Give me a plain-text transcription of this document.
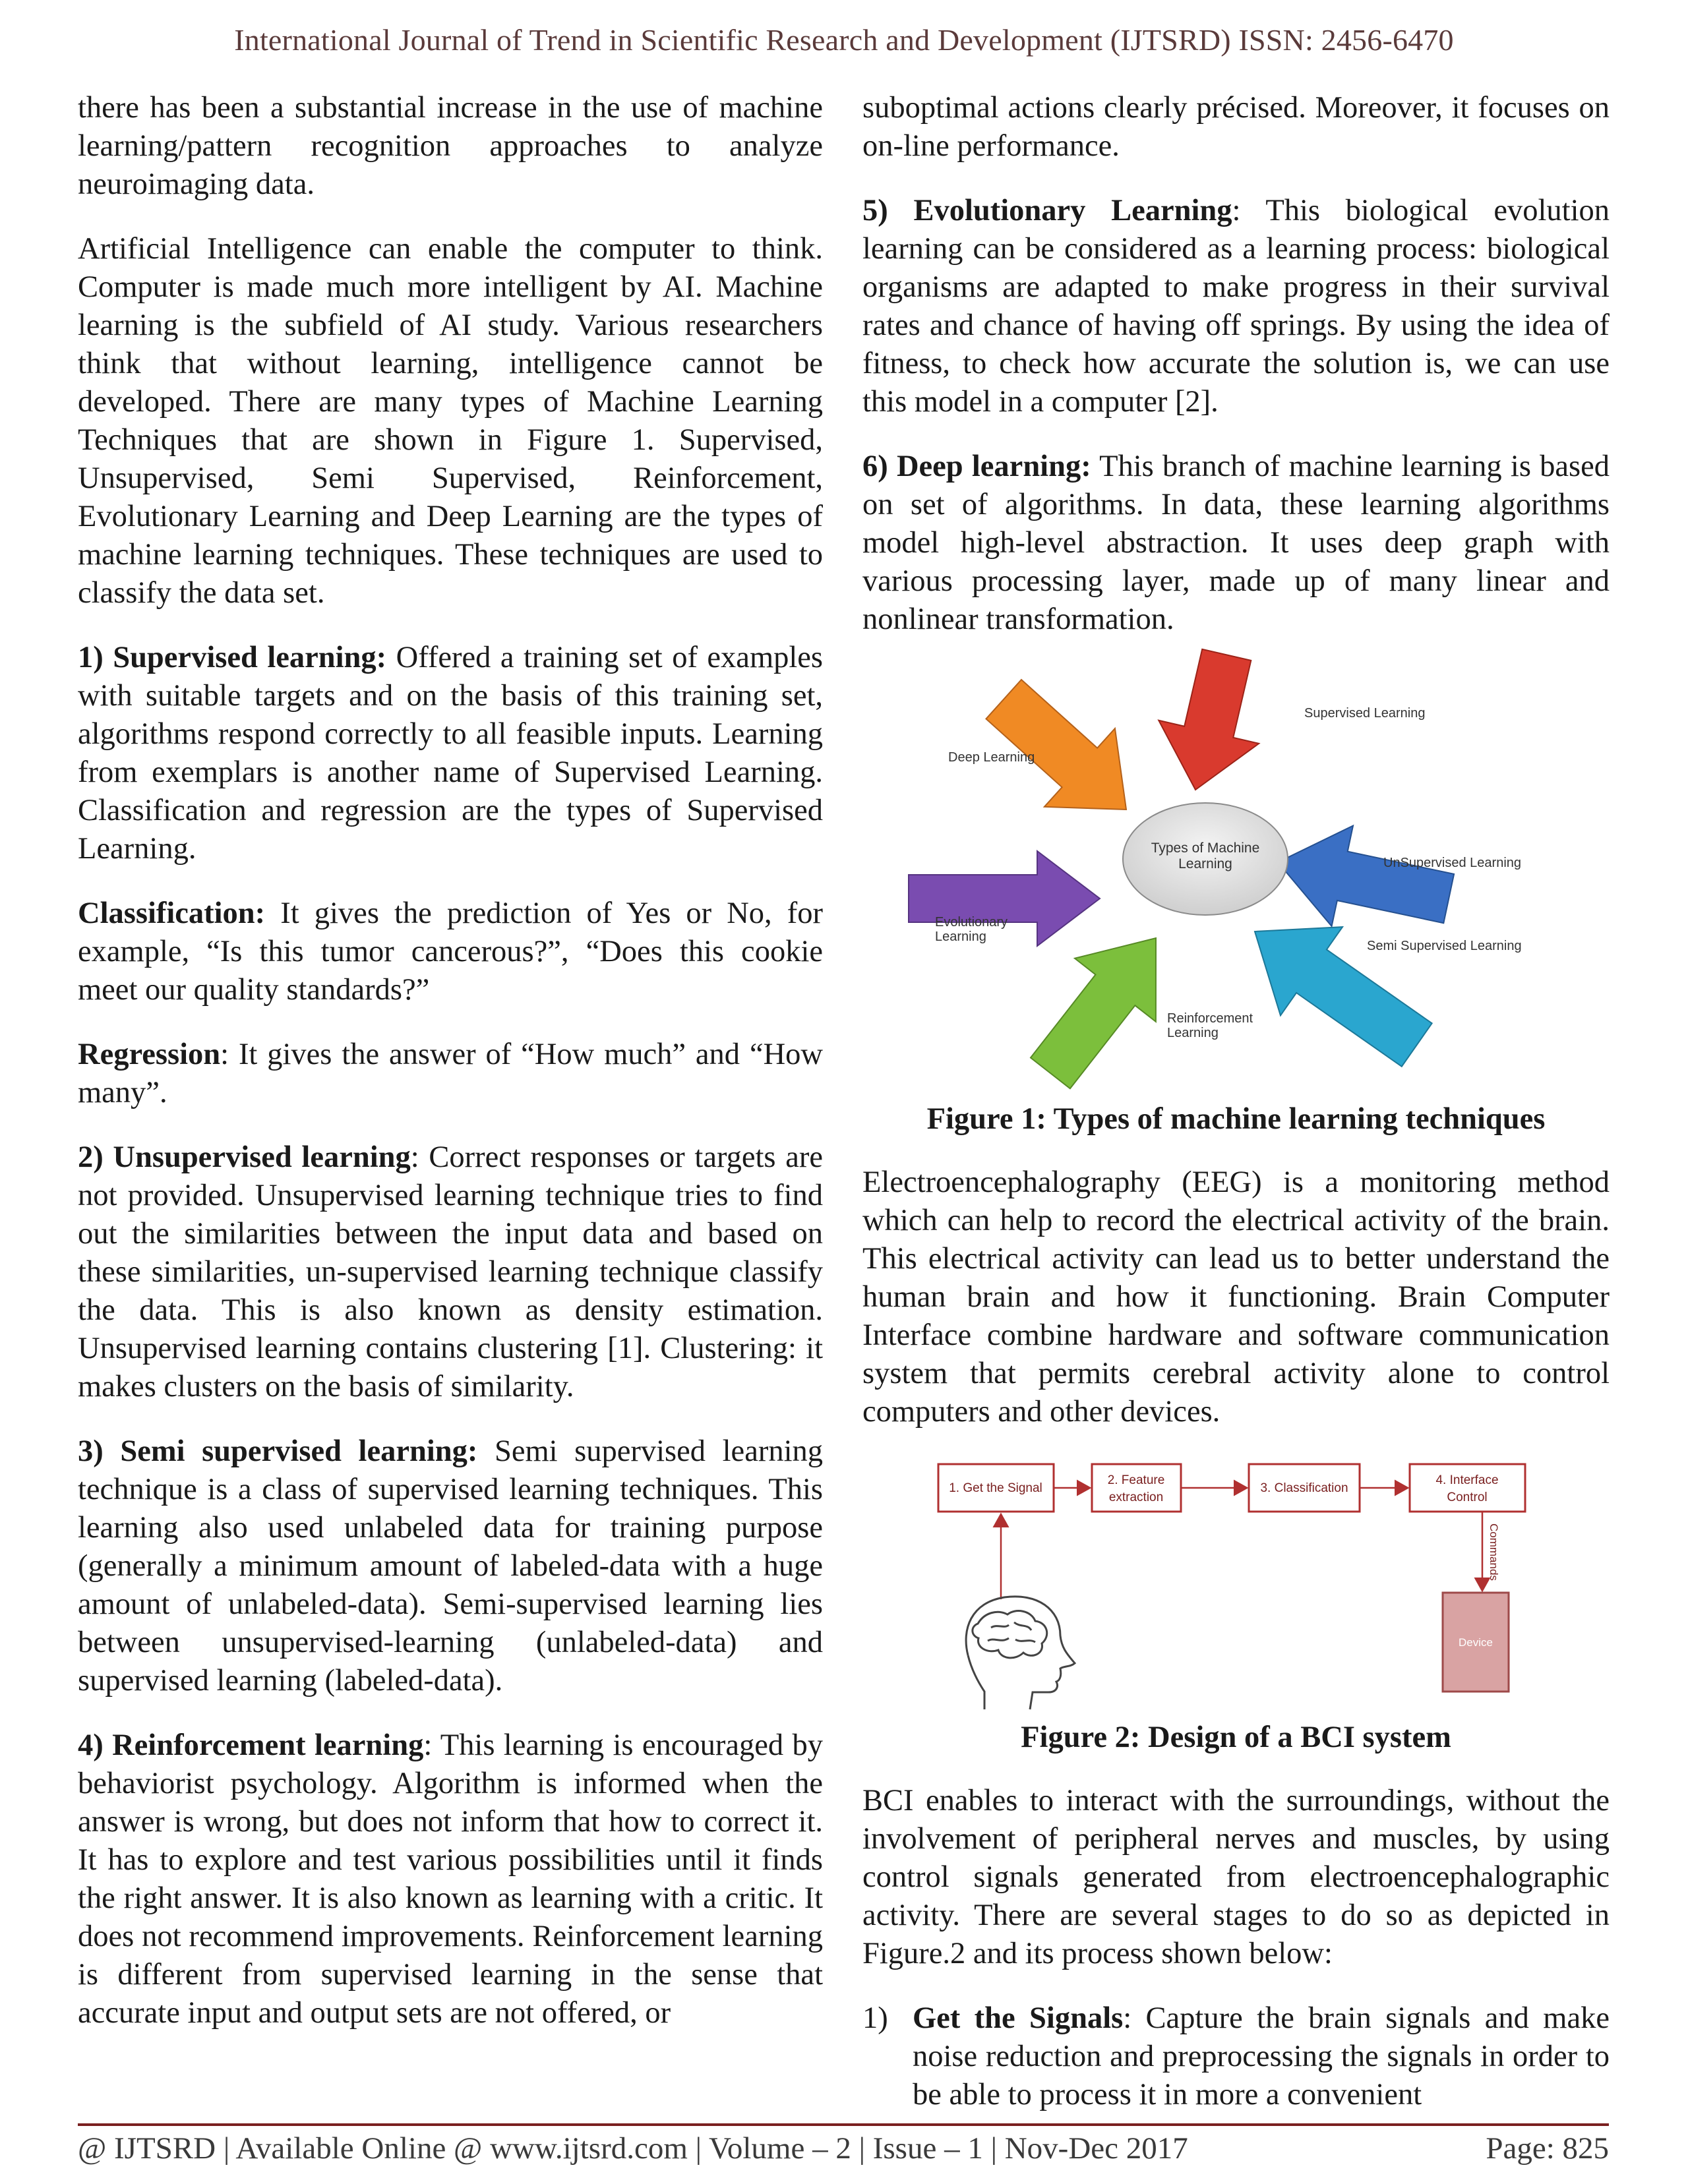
International Journal of Trend in Scientific Research and Development (IJTSRD) ISSN: 2456-6470

there has been a substantial increase in the use of machine learning/pattern recognition approaches to analyze neuroimaging data.

Artificial Intelligence can enable the computer to think. Computer is made much more intelligent by AI. Machine learning is the subfield of AI study. Various researchers think that without learning, intelligence cannot be developed. There are many types of Machine Learning Techniques that are shown in Figure 1. Supervised, Unsupervised, Semi Supervised, Reinforcement, Evolutionary Learning and Deep Learning are the types of machine learning techniques. These techniques are used to classify the data set.

1) Supervised learning: Offered a training set of examples with suitable targets and on the basis of this training set, algorithms respond correctly to all feasible inputs. Learning from exemplars is another name of Supervised Learning. Classification and regression are the types of Supervised Learning.

Classification: It gives the prediction of Yes or No, for example, “Is this tumor cancerous?”, “Does this cookie meet our quality standards?”

Regression: It gives the answer of “How much” and “How many”.

2) Unsupervised learning: Correct responses or targets are not provided. Unsupervised learning technique tries to find out the similarities between the input data and based on these similarities, un-supervised learning technique classify the data. This is also known as density estimation. Unsupervised learning contains clustering [1]. Clustering: it makes clusters on the basis of similarity.

3) Semi supervised learning: Semi supervised learning technique is a class of supervised learning techniques. This learning also used unlabeled data for training purpose (generally a minimum amount of labeled-data with a huge amount of unlabeled-data). Semi-supervised learning lies between unsupervised-learning (unlabeled-data) and supervised learning (labeled-data).

4) Reinforcement learning: This learning is encouraged by behaviorist psychology. Algorithm is informed when the answer is wrong, but does not inform that how to correct it. It has to explore and test various possibilities until it finds the right answer. It is also known as learning with a critic. It does not recommend improvements. Reinforcement learning is different from supervised learning in the sense that accurate input and output sets are not offered, or

suboptimal actions clearly précised. Moreover, it focuses on on-line performance.

5) Evolutionary Learning: This biological evolution learning can be considered as a learning process: biological organisms are adapted to make progress in their survival rates and chance of having off springs. By using the idea of fitness, to check how accurate the solution is, we can use this model in a computer [2].

6) Deep learning: This branch of machine learning is based on set of algorithms. In data, these learning algorithms model high-level abstraction. It uses deep graph with various processing layer, made up of many linear and nonlinear transformation.

Types of Machine
Learning
Supervised Learning
Deep Learning
UnSupervised Learning
Evolutionary
Learning
Semi Supervised Learning
Reinforcement
Learning
Figure 1: Types of machine learning techniques

Electroencephalography (EEG) is a monitoring method which can help to record the electrical activity of the brain. This electrical activity can lead us to better understand the human brain and how it functioning. Brain Computer Interface combine hardware and software communication system that permits cerebral activity alone to control computers and other devices.

1. Get the Signal
2. Feature
extraction
3. Classification
4. Interface
Control
Commands
Device
Figure 2: Design of a BCI system

BCI enables to interact with the surroundings, without the involvement of peripheral nerves and muscles, by using control signals generated from electroencephalographic activity. There are several stages to do so as depicted in Figure.2 and its process shown below:

1) Get the Signals: Capture the brain signals and make noise reduction and preprocessing the signals in order to be able to process it in more a convenient
@ IJTSRD | Available Online @ www.ijtsrd.com | Volume – 2 | Issue – 1 | Nov-Dec 2017	Page: 825
